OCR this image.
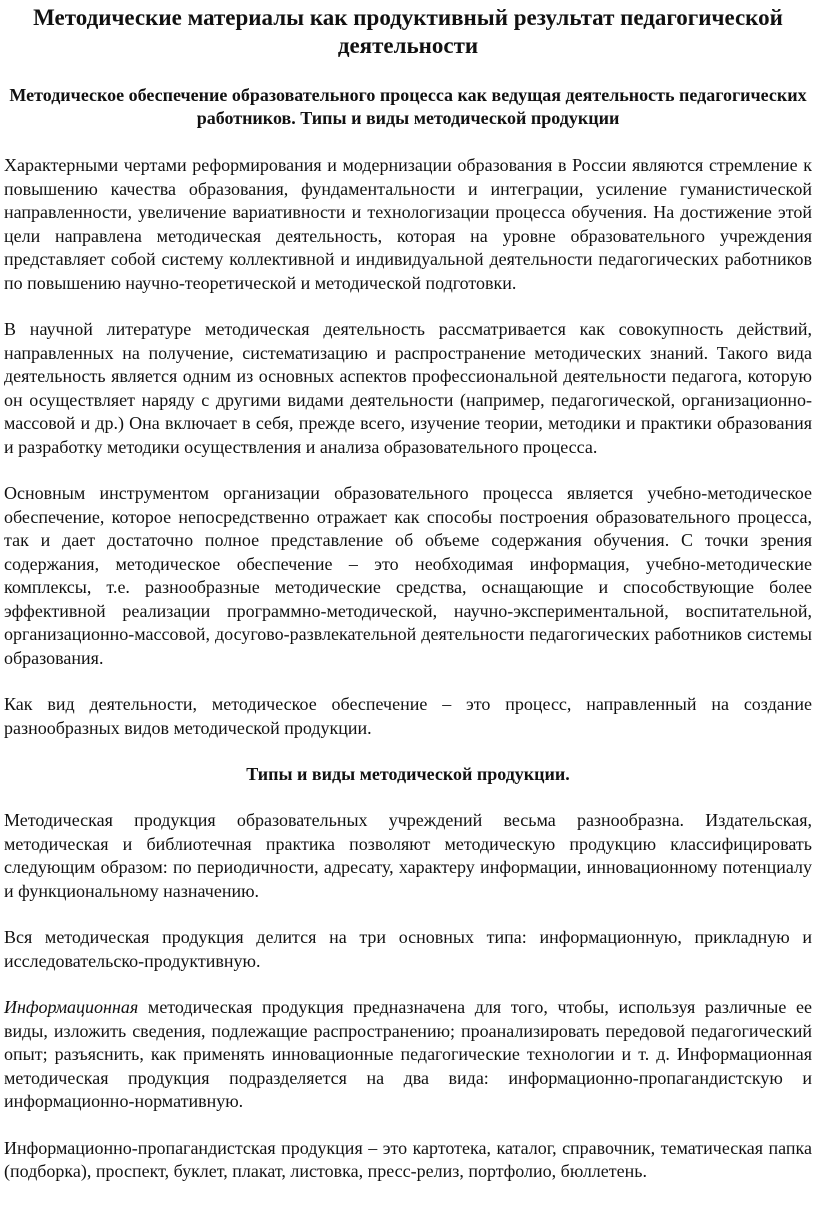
Методические материалы как продуктивный результат педагогической деятельности
Методическое обеспечение образовательного процесса как ведущая деятельность педагогических работников. Типы и виды методической продукции

Характерными чертами реформирования и модернизации образования в России являются стремление к повышению качества образования, фундаментальности и интеграции, усиление гуманистической направленности, увеличение вариативности и технологизации процесса обучения. На достижение этой цели направлена методическая деятельность, которая на уровне образовательного учреждения представляет собой систему коллективной и индивидуальной деятельности педагогических работников по повышению научно-теоретической и методической подготовки.

В научной литературе методическая деятельность рассматривается как совокупность действий, направленных на получение, систематизацию и распространение методических знаний. Такого вида деятельность является одним из основных аспектов профессиональной деятельности педагога, которую он осуществляет наряду с другими видами деятельности (например, педагогической, организационно-массовой и др.) Она включает в себя, прежде всего, изучение теории, методики и практики образования и разработку методики осуществления и анализа образовательного процесса.

Основным инструментом организации образовательного процесса является учебно-методическое обеспечение, которое непосредственно отражает как способы построения образовательного процесса, так и дает достаточно полное представление об объеме содержания обучения. С точки зрения содержания, методическое обеспечение – это необходимая информация, учебно-методические комплексы, т.е. разнообразные методические средства, оснащающие и способствующие более эффективной реализации программно-методической, научно-экспериментальной, воспитательной, организационно-массовой, досугово-развлекательной деятельности педагогических работников системы образования.

Как вид деятельности, методическое обеспечение – это процесс, направленный на создание разнообразных видов методической продукции.

Типы и виды методической продукции.

Методическая продукция образовательных учреждений весьма разнообразна. Издательская, методическая и библиотечная практика позволяют методическую продукцию классифицировать следующим образом: по периодичности, адресату, характеру информации, инновационному потенциалу и функциональному назначению.

Вся методическая продукция делится на три основных типа: информационную, прикладную и исследовательско-продуктивную.

Информационная методическая продукция предназначена для того, чтобы, используя различные ее виды, изложить сведения, подлежащие распространению; проанализировать передовой педагогический опыт; разъяснить, как применять инновационные педагогические технологии и т. д. Информационная методическая продукция подразделяется на два вида: информационно-пропагандистскую и информационно-нормативную.

Информационно-пропагандистская продукция – это картотека, каталог, справочник, тематическая папка (подборка), проспект, буклет, плакат, листовка, пресс-релиз, портфолио, бюллетень.
